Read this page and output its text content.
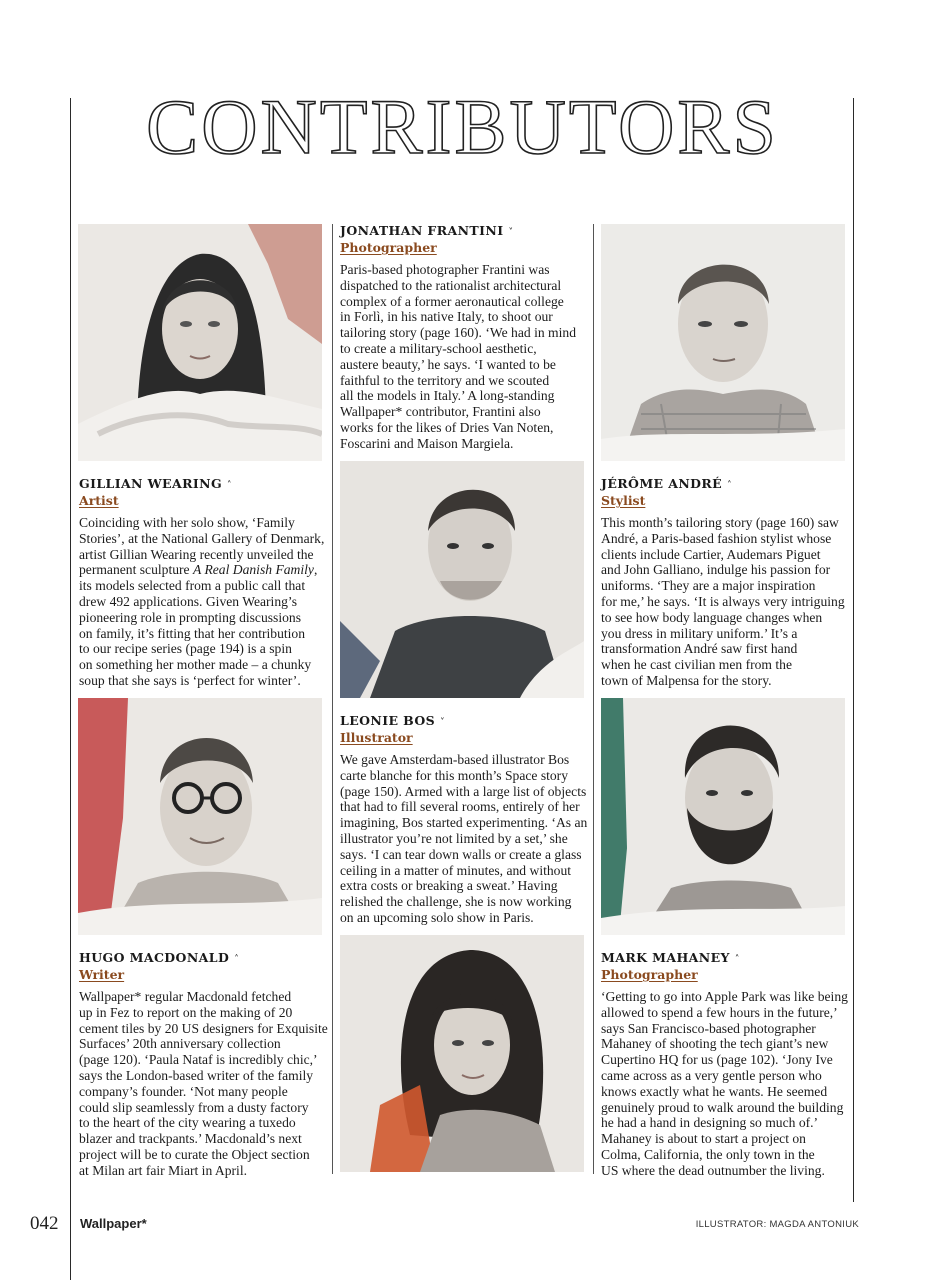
CONTRIBUTORS
GILLIAN WEARING ˄
Artist
Coinciding with her solo show, ‘Family
Stories’, at the National Gallery of Denmark,
artist Gillian Wearing recently unveiled the
permanent sculpture A Real Danish Family,
its models selected from a public call that
drew 492 applications. Given Wearing’s
pioneering role in prompting discussions
on family, it’s fitting that her contribution
to our recipe series (page 194) is a spin
on something her mother made – a chunky
soup that she says is ‘perfect for winter’.
JONATHAN FRANTINI ˅
Photographer
Paris-based photographer Frantini was
dispatched to the rationalist architectural
complex of a former aeronautical college
in Forlì, in his native Italy, to shoot our
tailoring story (page 160). ‘We had in mind
to create a military-school aesthetic,
austere beauty,’ he says. ‘I wanted to be
faithful to the territory and we scouted
all the models in Italy.’ A long-standing
Wallpaper* contributor, Frantini also
works for the likes of Dries Van Noten,
Foscarini and Maison Margiela.
JÉRÔME ANDRÉ ˄
Stylist
This month’s tailoring story (page 160) saw
André, a Paris-based fashion stylist whose
clients include Cartier, Audemars Piguet
and John Galliano, indulge his passion for
uniforms. ‘They are a major inspiration
for me,’ he says. ‘It is always very intriguing
to see how body language changes when
you dress in military uniform.’ It’s a
transformation André saw first hand
when he cast civilian men from the
town of Malpensa for the story.
LEONIE BOS ˅
Illustrator
We gave Amsterdam-based illustrator Bos
carte blanche for this month’s Space story
(page 150). Armed with a large list of objects
that had to fill several rooms, entirely of her
imagining, Bos started experimenting. ‘As an
illustrator you’re not limited by a set,’ she
says. ‘I can tear down walls or create a glass
ceiling in a matter of minutes, and without
extra costs or breaking a sweat.’ Having
relished the challenge, she is now working
on an upcoming solo show in Paris.
HUGO MACDONALD ˄
Writer
Wallpaper* regular Macdonald fetched
up in Fez to report on the making of 20
cement tiles by 20 US designers for Exquisite
Surfaces’ 20th anniversary collection
(page 120). ‘Paula Nataf is incredibly chic,’
says the London-based writer of the family
company’s founder. ‘Not many people
could slip seamlessly from a dusty factory
to the heart of the city wearing a tuxedo
blazer and trackpants.’ Macdonald’s next
project will be to curate the Object section
at Milan art fair Miart in April.
MARK MAHANEY ˄
Photographer
‘Getting to go into Apple Park was like being
allowed to spend a few hours in the future,’
says San Francisco-based photographer
Mahaney of shooting the tech giant’s new
Cupertino HQ for us (page 102). ‘Jony Ive
came across as a very gentle person who
knows exactly what he wants. He seemed
genuinely proud to walk around the building
he had a hand in designing so much of.’
Mahaney is about to start a project on
Colma, California, the only town in the
US where the dead outnumber the living.
042 Wallpaper*	ILLUSTRATOR: MAGDA ANTONIUK
